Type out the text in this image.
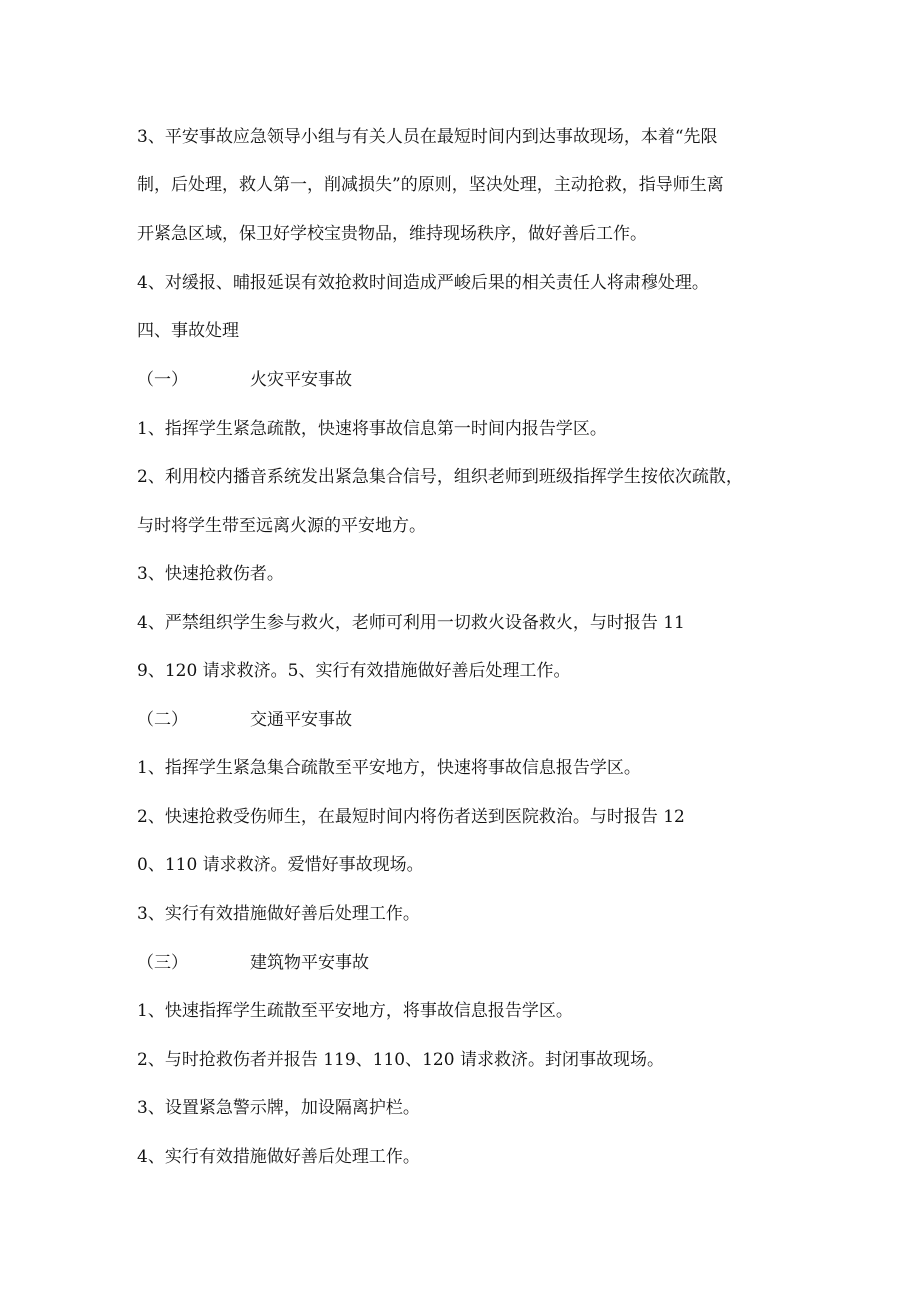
3、平安事故应急领导小组与有关人员在最短时间内到达事故现场，本着“先限
制，后处理，救人第一，削减损失”的原则，坚决处理，主动抢救，指导师生离
开紧急区域，保卫好学校宝贵物品，维持现场秩序，做好善后工作。
4、对缓报、晡报延误有效抢救时间造成严峻后果的相关责任人将肃穆处理。
四、事故处理
（一）	火灾平安事故
1、指挥学生紧急疏散，快速将事故信息第一时间内报告学区。
2、利用校内播音系统发出紧急集合信号，组织老师到班级指挥学生按依次疏散，
与时将学生带至远离火源的平安地方。
3、快速抢救伤者。
4、严禁组织学生参与救火，老师可利用一切救火设备救火，与时报告 11
9、120 请求救济。5、实行有效措施做好善后处理工作。
（二）	交通平安事故
1、指挥学生紧急集合疏散至平安地方，快速将事故信息报告学区。
2、快速抢救受伤师生，在最短时间内将伤者送到医院救治。与时报告 12
0、110 请求救济。爱惜好事故现场。
3、实行有效措施做好善后处理工作。
（三）	建筑物平安事故
1、快速指挥学生疏散至平安地方，将事故信息报告学区。
2、与时抢救伤者并报告 119、110、120 请求救济。封闭事故现场。
3、设置紧急警示牌，加设隔离护栏。
4、实行有效措施做好善后处理工作。
